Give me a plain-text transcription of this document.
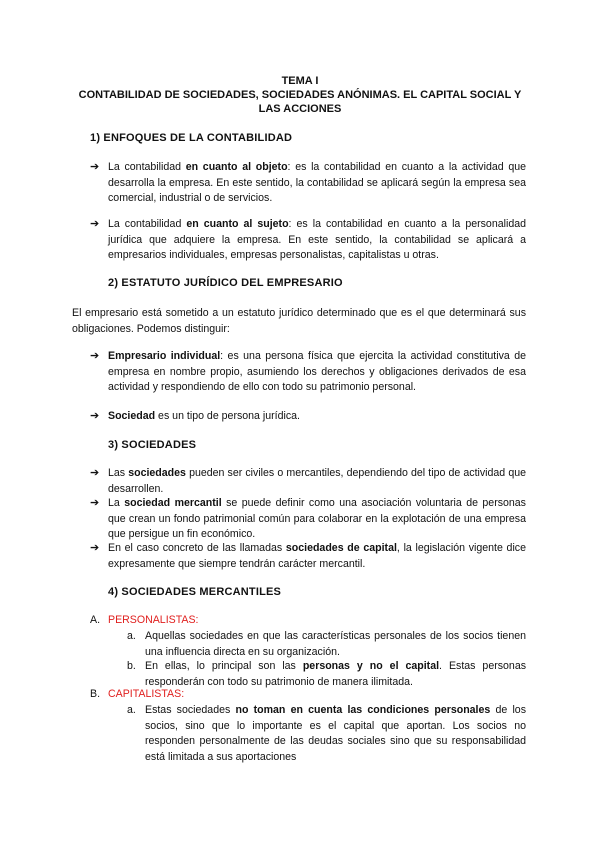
TEMA I
CONTABILIDAD DE SOCIEDADES, SOCIEDADES ANÓNIMAS. EL CAPITAL SOCIAL Y
LAS ACCIONES
1) ENFOQUES DE LA CONTABILIDAD
➔ La contabilidad en cuanto al objeto: es la contabilidad en cuanto a la actividad que desarrolla la empresa. En este sentido, la contabilidad se aplicará según la empresa sea comercial, industrial o de servicios.
➔ La contabilidad en cuanto al sujeto: es la contabilidad en cuanto a la personalidad jurídica que adquiere la empresa. En este sentido, la contabilidad se aplicará a empresarios individuales, empresas personalistas, capitalistas u otras.
2) ESTATUTO JURÍDICO DEL EMPRESARIO
El empresario está sometido a un estatuto jurídico determinado que es el que determinará sus obligaciones. Podemos distinguir:
➔ Empresario individual: es una persona física que ejercita la actividad constitutiva de empresa en nombre propio, asumiendo los derechos y obligaciones derivados de esa actividad y respondiendo de ello con todo su patrimonio personal.
➔ Sociedad es un tipo de persona jurídica.
3) SOCIEDADES
➔ Las sociedades pueden ser civiles o mercantiles, dependiendo del tipo de actividad que desarrollen.
➔ La sociedad mercantil se puede definir como una asociación voluntaria de personas que crean un fondo patrimonial común para colaborar en la explotación de una empresa que persigue un fin económico.
➔ En el caso concreto de las llamadas sociedades de capital, la legislación vigente dice expresamente que siempre tendrán carácter mercantil.
4) SOCIEDADES MERCANTILES
A. PERSONALISTAS:
a. Aquellas sociedades en que las características personales de los socios tienen una influencia directa en su organización.
b. En ellas, lo principal son las personas y no el capital. Estas personas responderán con todo su patrimonio de manera ilimitada.
B. CAPITALISTAS:
a. Estas sociedades no toman en cuenta las condiciones personales de los socios, sino que lo importante es el capital que aportan. Los socios no responden personalmente de las deudas sociales sino que su responsabilidad está limitada a sus aportaciones
